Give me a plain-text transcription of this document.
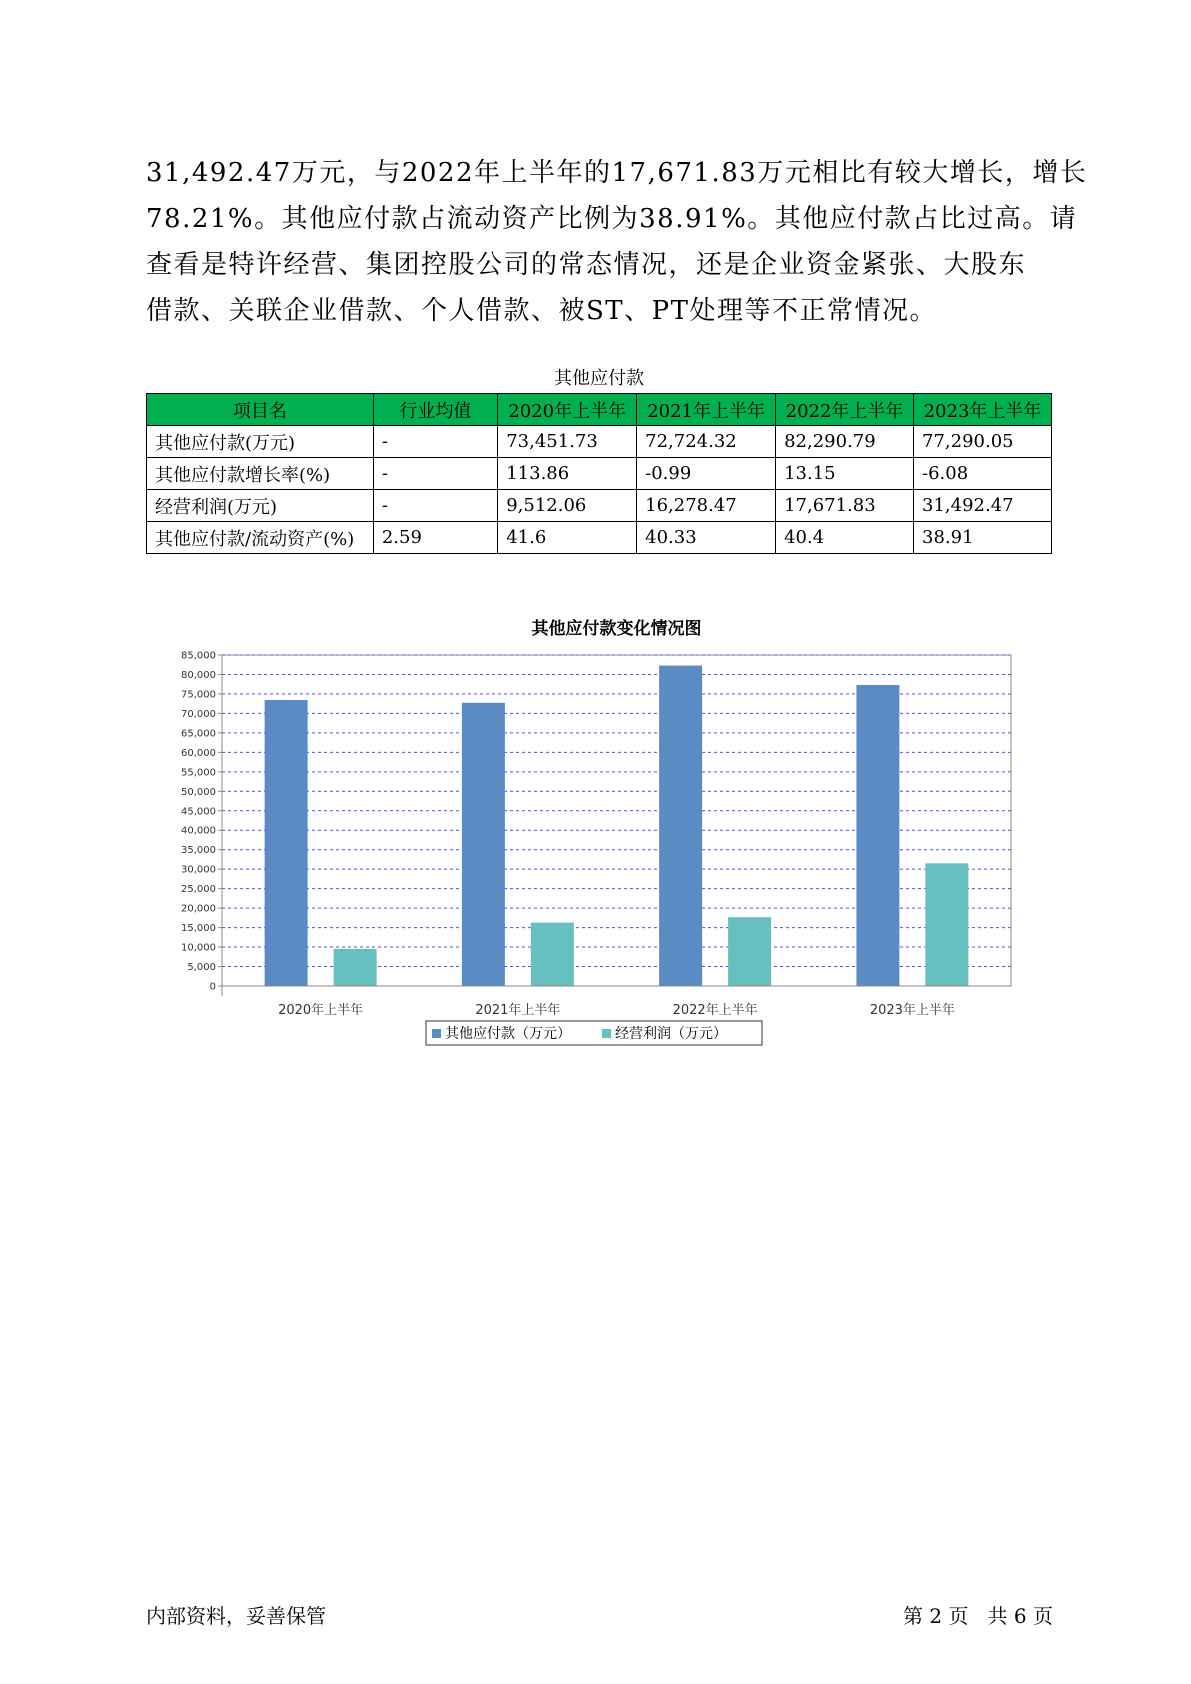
31,492.47万元，与2022年上半年的17,671.83万元相比有较大增长，增长

78.21%。其他应付款占流动资产比例为38.91%。其他应付款占比过高。请

查看是特许经营、集团控股公司的常态情况，还是企业资金紧张、大股东

借款、关联企业借款、个人借款、被ST、PT处理等不正常情况。

其他应付款
项目名	行业均值	2020年上半年	2021年上半年	2022年上半年	2023年上半年
其他应付款(万元)	-	73,451.73	72,724.32	82,290.79	77,290.05
其他应付款增长率(%)	-	113.86	-0.99	13.15	-6.08
经营利润(万元)	-	9,512.06	16,278.47	17,671.83	31,492.47
其他应付款/流动资产(%)	2.59	41.6	40.33	40.4	38.91
其他应付款变化情况图
0
5,000
10,000
15,000
20,000
25,000
30,000
35,000
40,000
45,000
50,000
55,000
60,000
65,000
70,000
75,000
80,000
85,000
2020年上半年	2021年上半年	2022年上半年	2023年上半年
其他应付款（万元）	经营利润（万元）
内部资料，妥善保管	第 2 页   共 6 页
